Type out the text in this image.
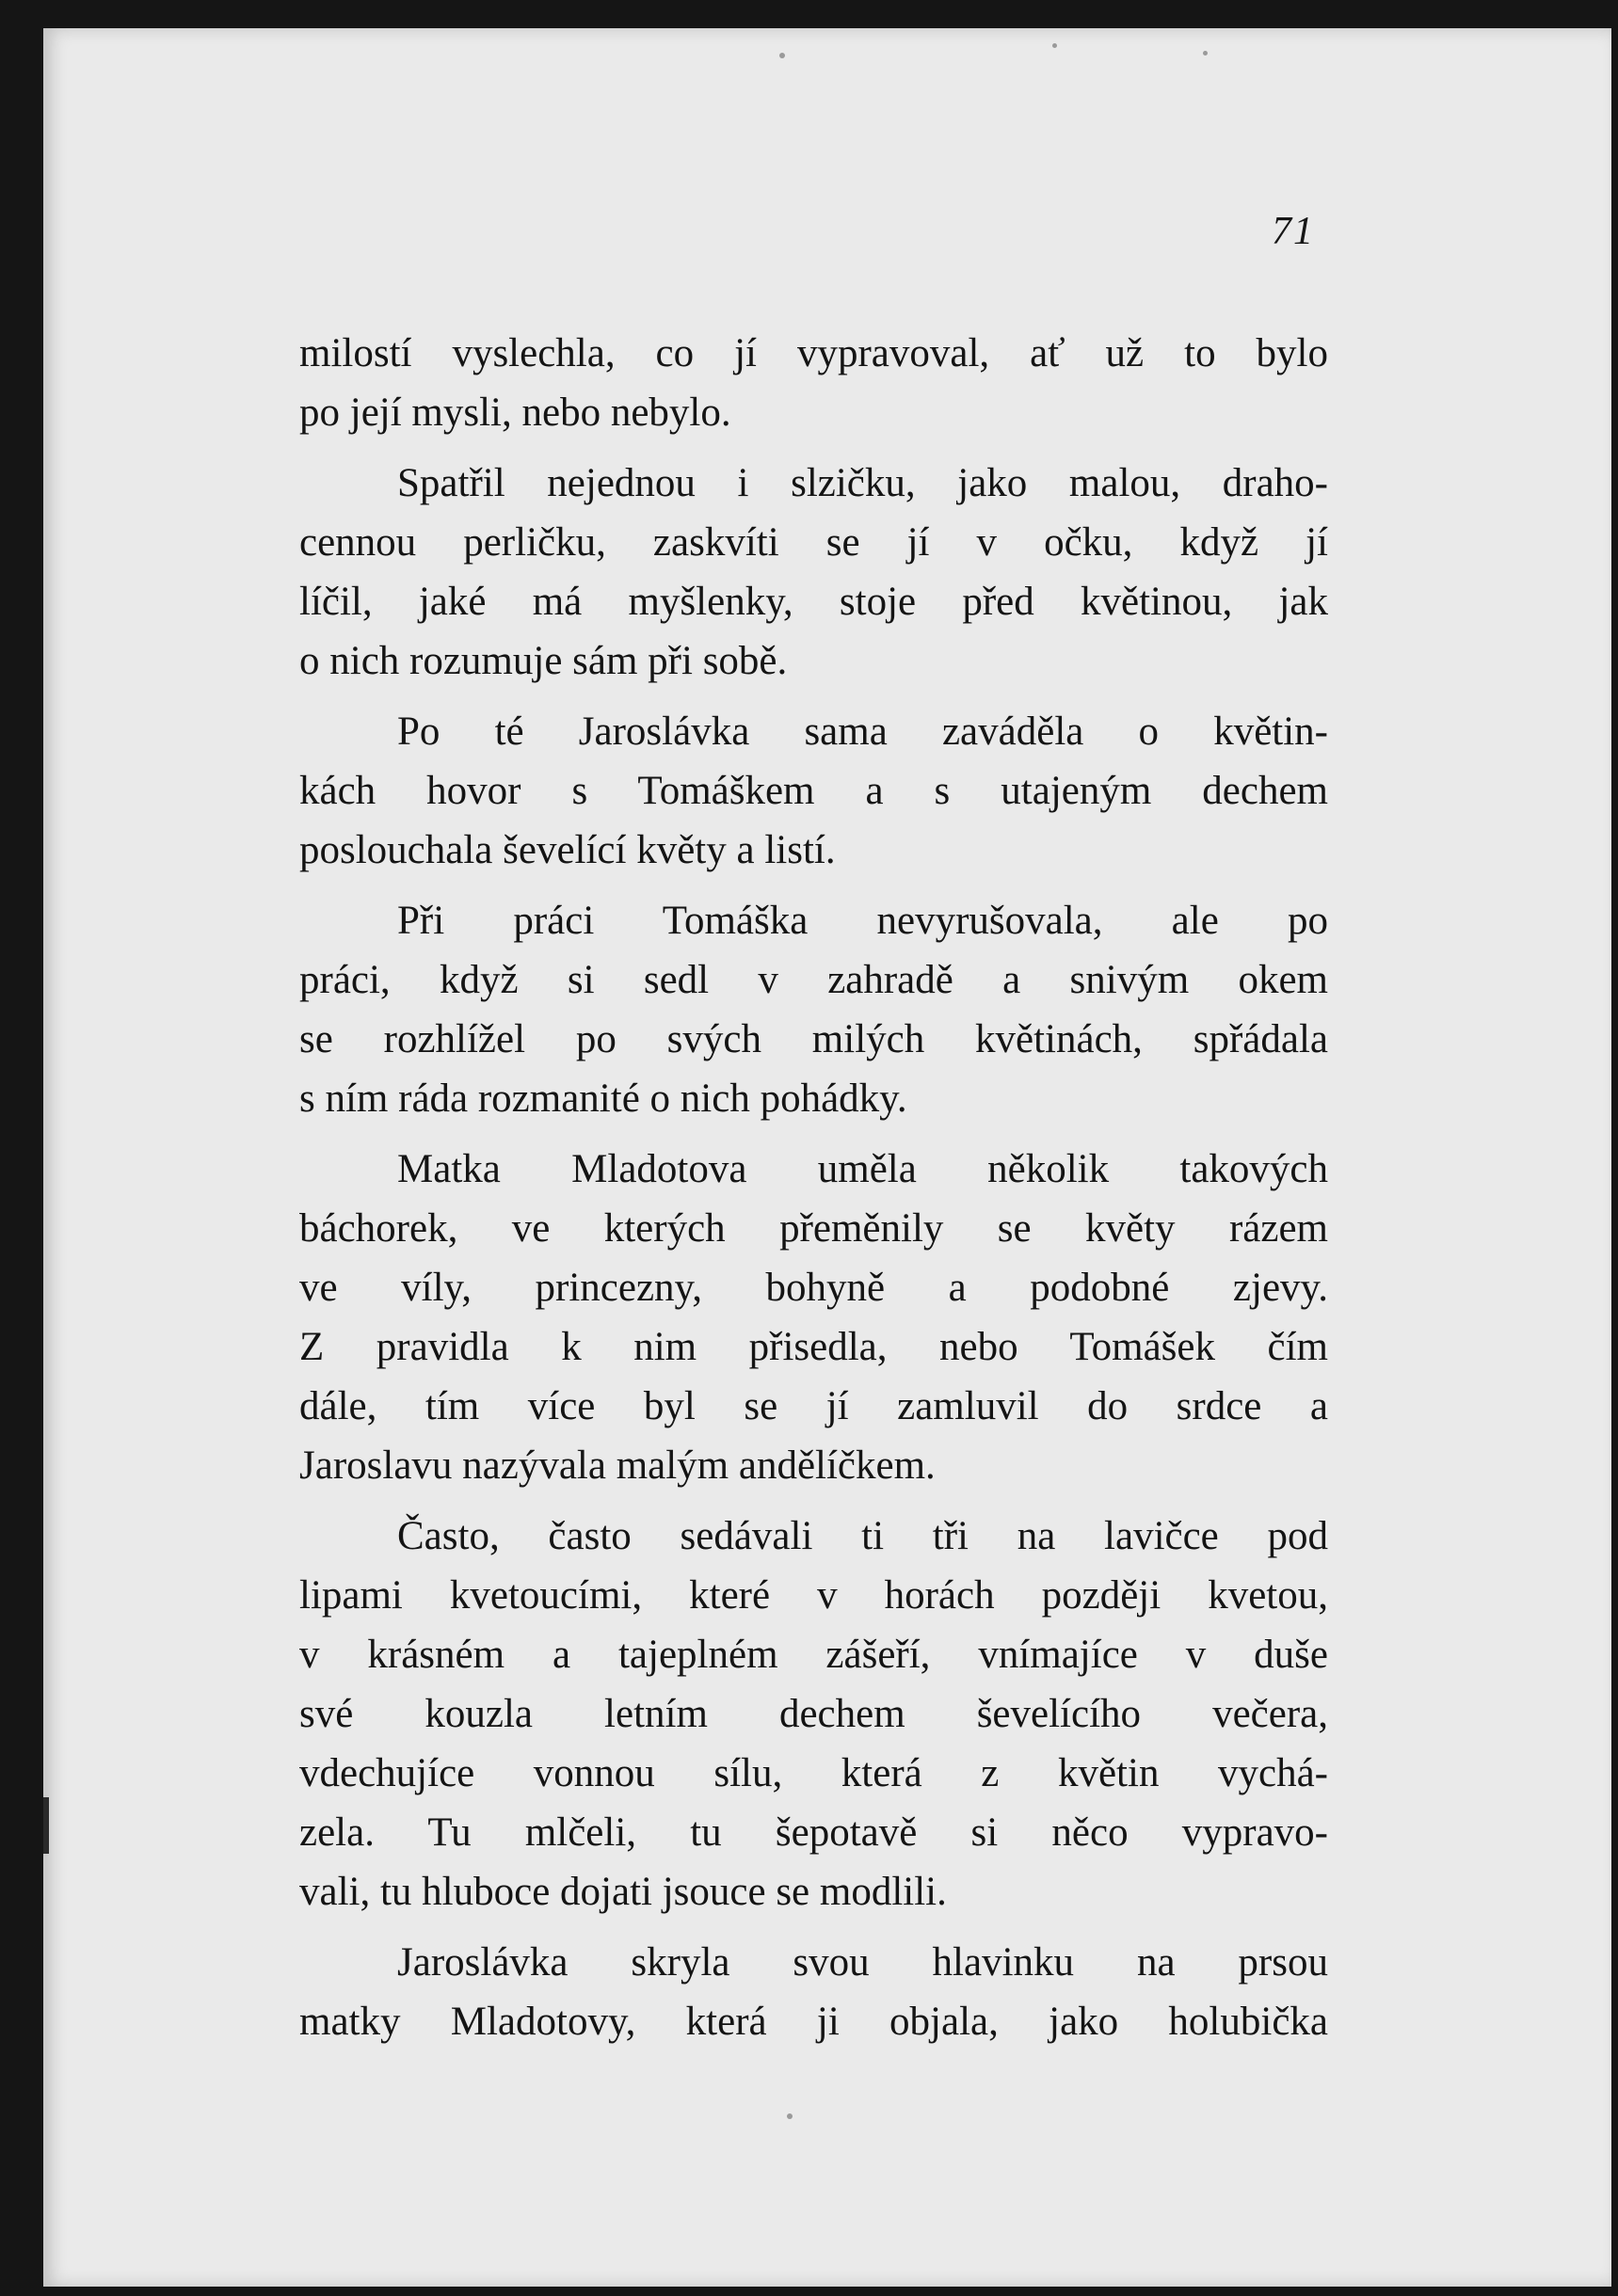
71
milostí vyslechla, co jí vypravoval, ať už to bylo
po její mysli, nebo nebylo.
Spatřil nejednou i slzičku, jako malou, draho-
cennou perličku, zaskvíti se jí v očku, když jí
líčil, jaké má myšlenky, stoje před květinou, jak
o nich rozumuje sám při sobě.
Po té Jaroslávka sama zaváděla o květin-
kách hovor s Tomáškem a s utajeným dechem
poslouchala ševelící květy a listí.
Při práci Tomáška nevyrušovala, ale po
práci, když si sedl v zahradě a snivým okem
se rozhlížel po svých milých květinách, spřádala
s ním ráda rozmanité o nich pohádky.
Matka Mladotova uměla několik takových
báchorek, ve kterých přeměnily se květy rázem
ve víly, princezny, bohyně a podobné zjevy.
Z pravidla k nim přisedla, nebo Tomášek čím
dále, tím více byl se jí zamluvil do srdce a
Jaroslavu nazývala malým andělíčkem.
Často, často sedávali ti tři na lavičce pod
lipami kvetoucími, které v horách později kvetou,
v krásném a tajeplném zášeří, vnímajíce v duše
své kouzla letním dechem ševelícího večera,
vdechujíce vonnou sílu, která z květin vychá-
zela. Tu mlčeli, tu šepotavě si něco vypravo-
vali, tu hluboce dojati jsouce se modlili.
Jaroslávka skryla svou hlavinku na prsou
matky Mladotovy, která ji objala, jako holubička
